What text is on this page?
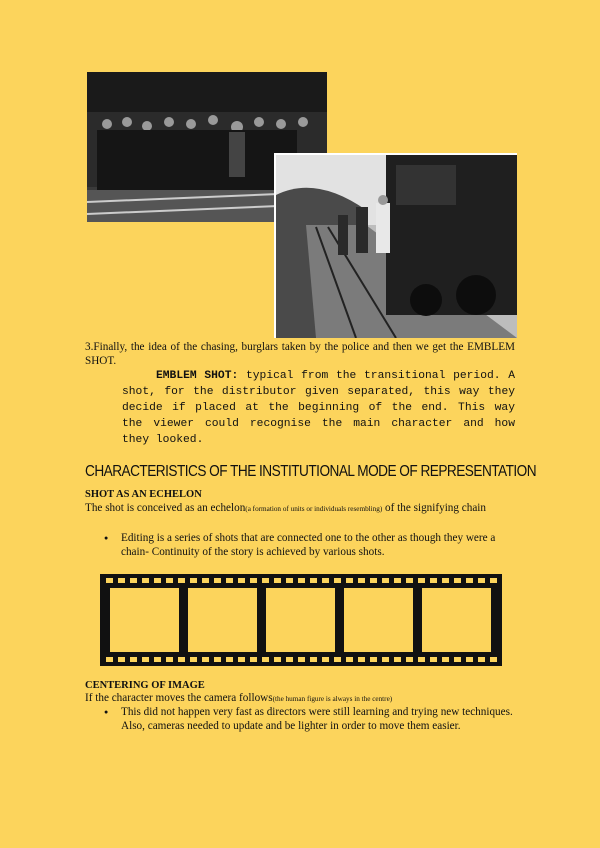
3.Finally, the idea of the chasing, burglars taken by the police and then we get the EMBLEM SHOT.

EMBLEM SHOT: typical from the transitional period. A shot, for the distributor given separated, this way they decide if placed at the beginning of the end. This way the viewer could recognise the main character and how they looked.

CHARACTERISTICS OF THE INSTITUTIONAL MODE OF REPRESENTATION
SHOT AS AN ECHELON
The shot is conceived as an echelon(a formation of units or individuals resembling) of the signifying chain
● Editing is a series of shots that are connected one to the other as though they were a chain- Continuity of the story is achieved by various shots.
CENTERING OF IMAGE
If the character moves the camera follows(the human figure is always in the centre)
● This did not happen very fast as directors were still learning and trying new techniques. Also, cameras needed to update and be lighter in order to move them easier.
